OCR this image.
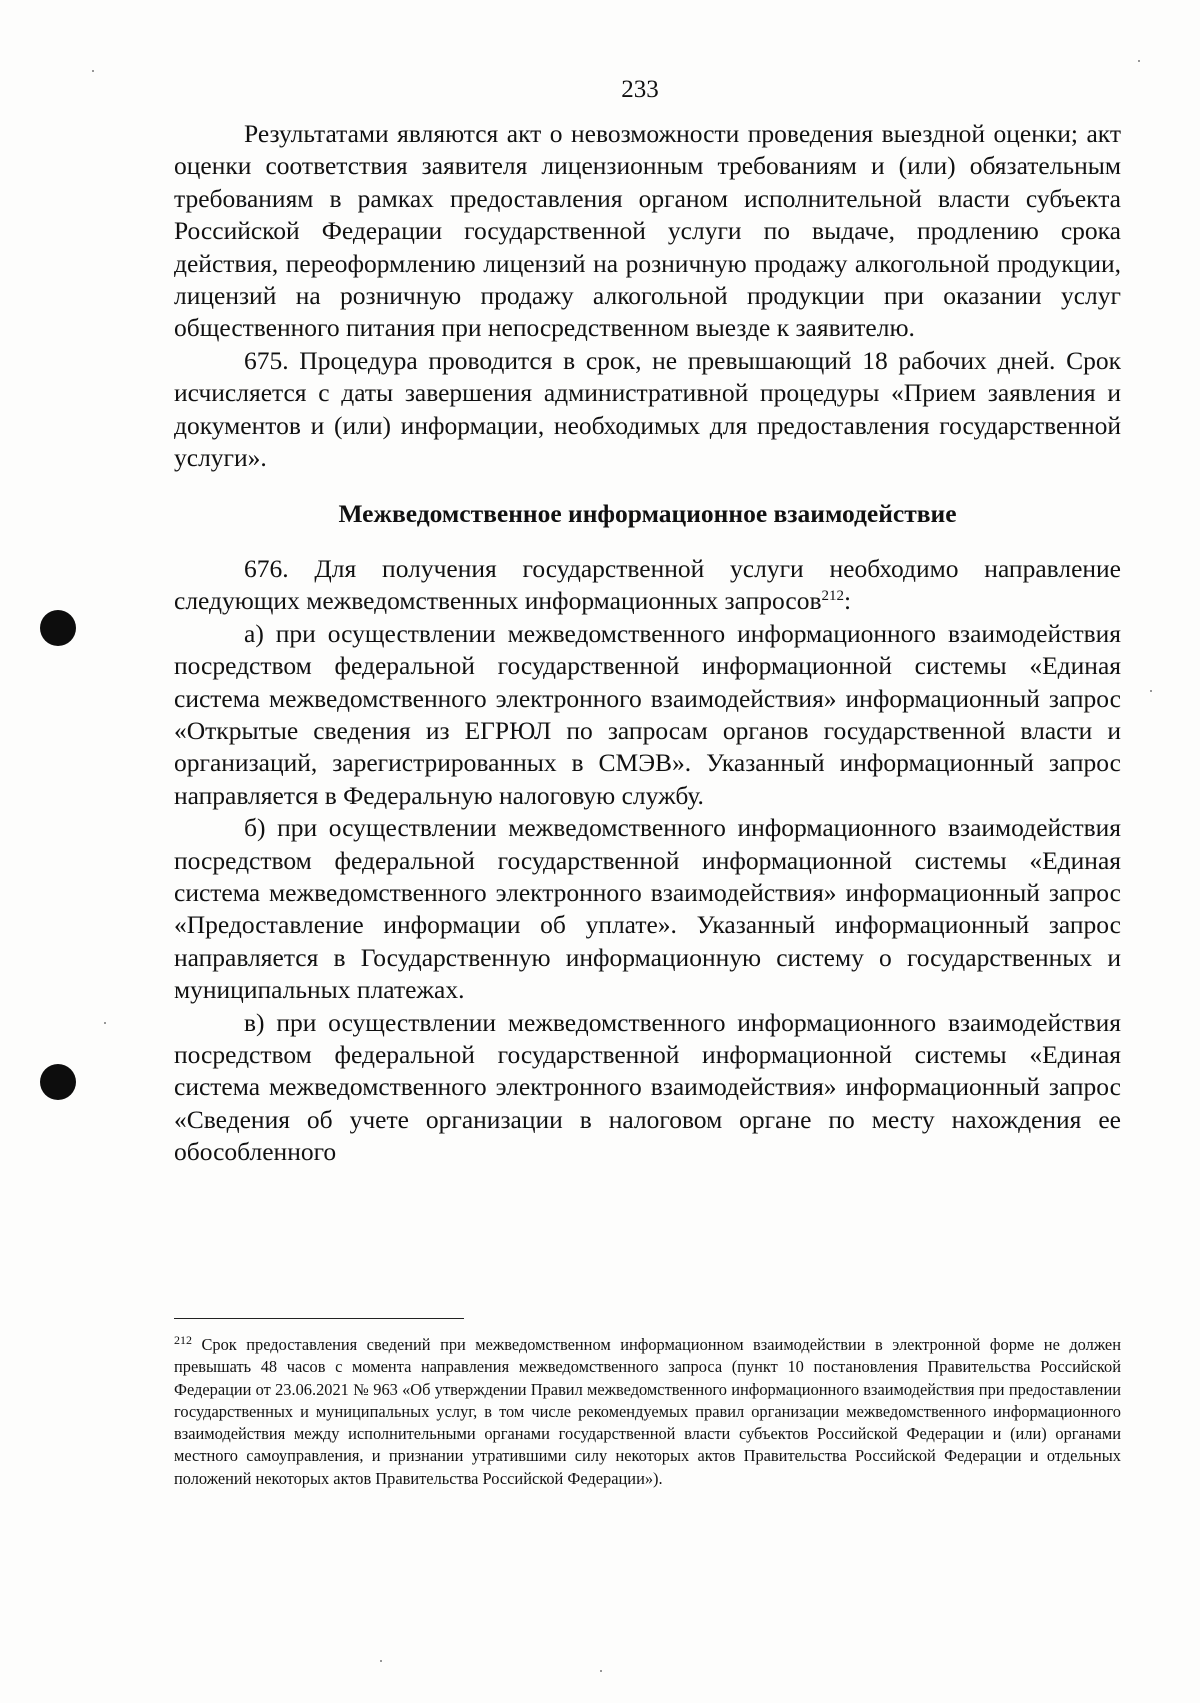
233

Результатами являются акт о невозможности проведения выездной оценки; акт оценки соответствия заявителя лицензионным требованиям и (или) обязательным требованиям в рамках предоставления органом исполнительной власти субъекта Российской Федерации государственной услуги по выдаче, продлению срока действия, переоформлению лицензий на розничную продажу алкогольной продукции, лицензий на розничную продажу алкогольной продукции при оказании услуг общественного питания при непосредственном выезде к заявителю.

675. Процедура проводится в срок, не превышающий 18 рабочих дней. Срок исчисляется с даты завершения административной процедуры «Прием заявления и документов и (или) информации, необходимых для предоставления государственной услуги».

Межведомственное информационное взаимодействие

676. Для получения государственной услуги необходимо направление следующих межведомственных информационных запросов$^{212}$:

а) при осуществлении межведомственного информационного взаимодействия посредством федеральной государственной информационной системы «Единая система межведомственного электронного взаимодействия» информационный запрос «Открытые сведения из ЕГРЮЛ по запросам органов государственной власти и организаций, зарегистрированных в СМЭВ». Указанный информационный запрос направляется в Федеральную налоговую службу.

б) при осуществлении межведомственного информационного взаимодействия посредством федеральной государственной информационной системы «Единая система межведомственного электронного взаимодействия» информационный запрос «Предоставление информации об уплате». Указанный информационный запрос направляется в Государственную информационную систему о государственных и муниципальных платежах.

в) при осуществлении межведомственного информационного взаимодействия посредством федеральной государственной информационной системы «Единая система межведомственного электронного взаимодействия» информационный запрос «Сведения об учете организации в налоговом органе по месту нахождения ее обособленного

$^{212}$ Срок предоставления сведений при межведомственном информационном взаимодействии в электронной форме не должен превышать 48 часов с момента направления межведомственного запроса (пункт 10 постановления Правительства Российской Федерации от 23.06.2021 № 963 «Об утверждении Правил межведомственного информационного взаимодействия при предоставлении государственных и муниципальных услуг, в том числе рекомендуемых правил организации межведомственного информационного взаимодействия между исполнительными органами государственной власти субъектов Российской Федерации и (или) органами местного самоуправления, и признании утратившими силу некоторых актов Правительства Российской Федерации и отдельных положений некоторых актов Правительства Российской Федерации»).
